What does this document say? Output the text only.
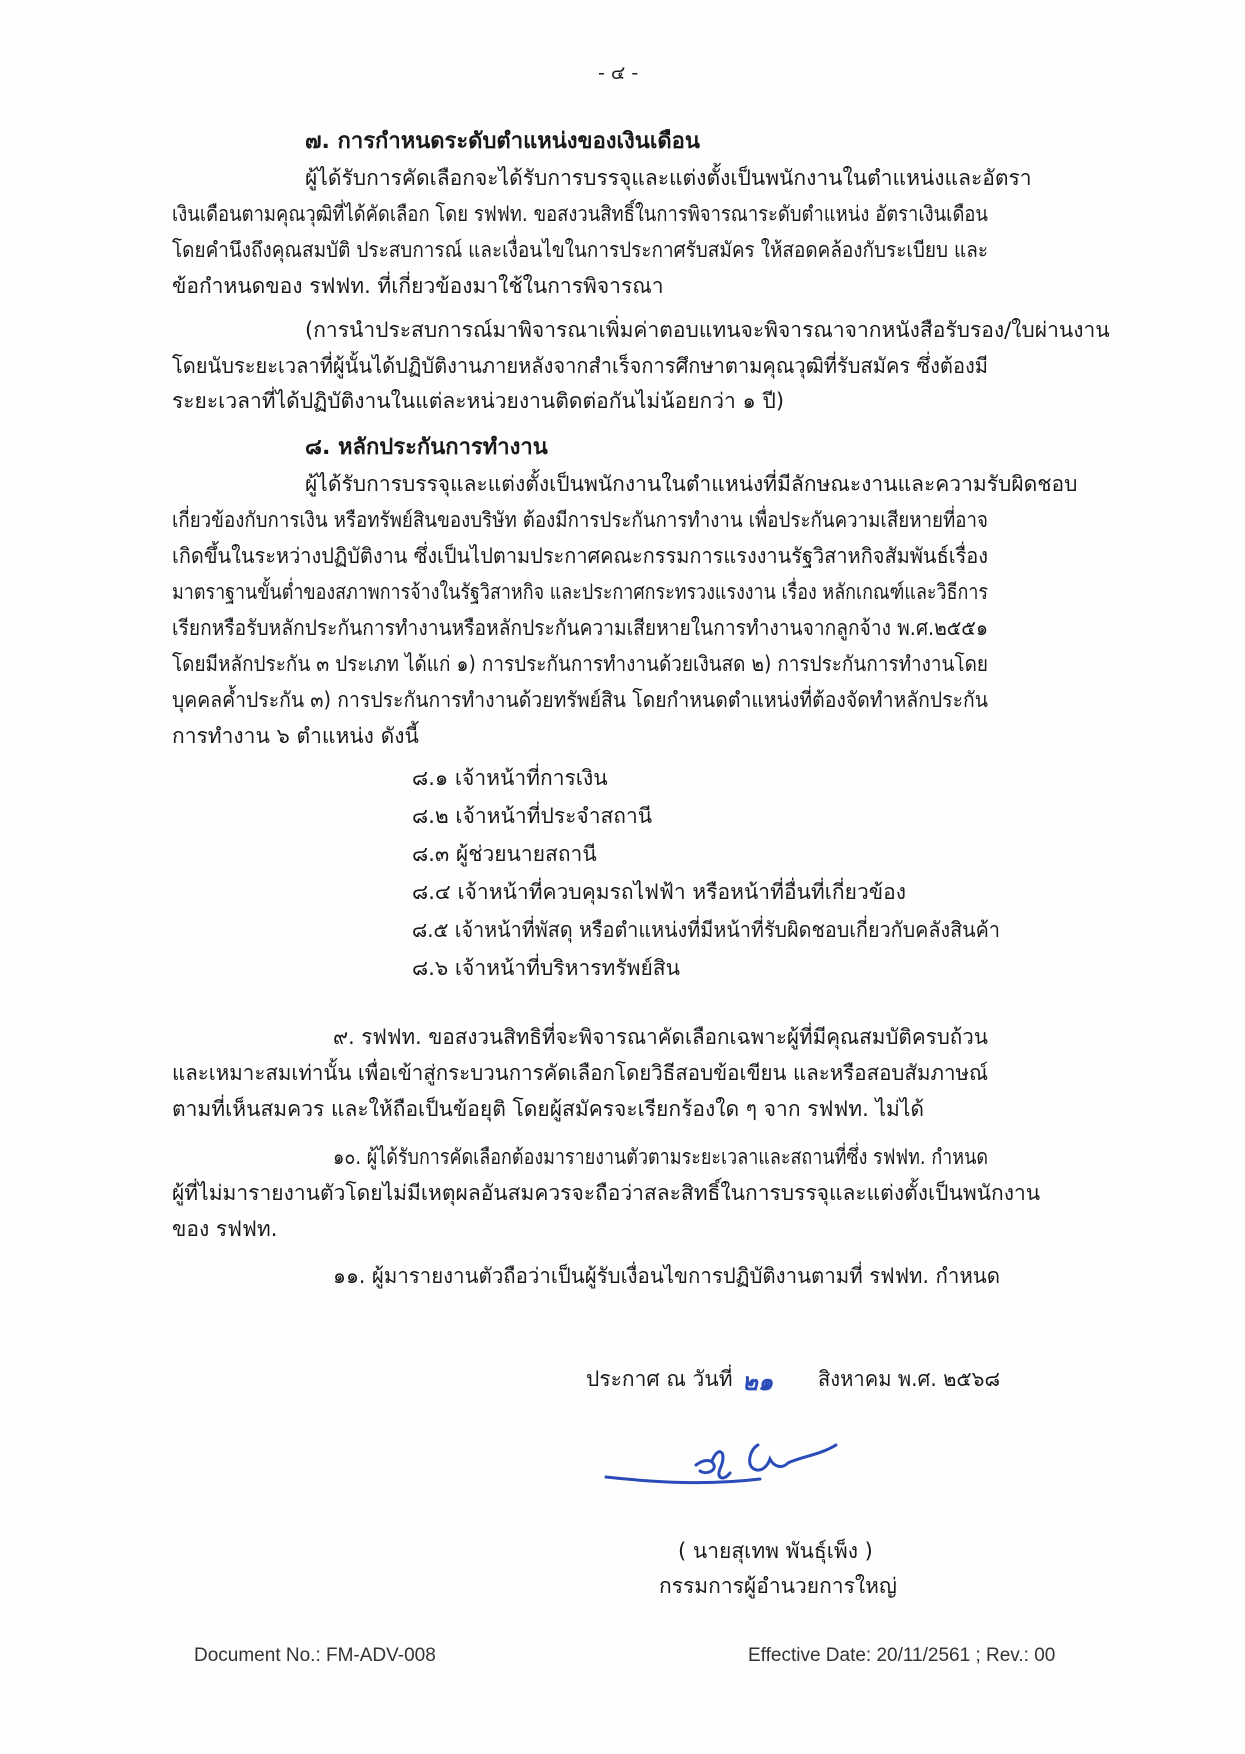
- ๔ -
๗. การกำหนดระดับตำแหน่งของเงินเดือน
ผู้ได้รับการคัดเลือกจะได้รับการบรรจุและแต่งตั้งเป็นพนักงานในตำแหน่งและอัตรา
เงินเดือนตามคุณวุฒิที่ได้คัดเลือก โดย รฟฟท. ขอสงวนสิทธิ์ในการพิจารณาระดับตำแหน่ง อัตราเงินเดือน
โดยคำนึงถึงคุณสมบัติ ประสบการณ์ และเงื่อนไขในการประกาศรับสมัคร ให้สอดคล้องกับระเบียบ และ
ข้อกำหนดของ รฟฟท. ที่เกี่ยวข้องมาใช้ในการพิจารณา
(การนำประสบการณ์มาพิจารณาเพิ่มค่าตอบแทนจะพิจารณาจากหนังสือรับรอง/ใบผ่านงาน
โดยนับระยะเวลาที่ผู้นั้นได้ปฏิบัติงานภายหลังจากสำเร็จการศึกษาตามคุณวุฒิที่รับสมัคร ซึ่งต้องมี
ระยะเวลาที่ได้ปฏิบัติงานในแต่ละหน่วยงานติดต่อกันไม่น้อยกว่า ๑ ปี)
๘. หลักประกันการทำงาน
ผู้ได้รับการบรรจุและแต่งตั้งเป็นพนักงานในตำแหน่งที่มีลักษณะงานและความรับผิดชอบ
เกี่ยวข้องกับการเงิน หรือทรัพย์สินของบริษัท ต้องมีการประกันการทำงาน เพื่อประกันความเสียหายที่อาจ
เกิดขึ้นในระหว่างปฏิบัติงาน ซึ่งเป็นไปตามประกาศคณะกรรมการแรงงานรัฐวิสาหกิจสัมพันธ์เรื่อง
มาตราฐานขั้นต่ำของสภาพการจ้างในรัฐวิสาหกิจ และประกาศกระทรวงแรงงาน เรื่อง หลักเกณฑ์และวิธีการ
เรียกหรือรับหลักประกันการทำงานหรือหลักประกันความเสียหายในการทำงานจากลูกจ้าง พ.ศ.๒๕๕๑
โดยมีหลักประกัน ๓ ประเภท ได้แก่ ๑) การประกันการทำงานด้วยเงินสด ๒) การประกันการทำงานโดย
บุคคลค้ำประกัน ๓) การประกันการทำงานด้วยทรัพย์สิน โดยกำหนดตำแหน่งที่ต้องจัดทำหลักประกัน
การทำงาน ๖ ตำแหน่ง ดังนี้
๘.๑ เจ้าหน้าที่การเงิน
๘.๒ เจ้าหน้าที่ประจำสถานี
๘.๓ ผู้ช่วยนายสถานี
๘.๔ เจ้าหน้าที่ควบคุมรถไฟฟ้า หรือหน้าที่อื่นที่เกี่ยวข้อง
๘.๕ เจ้าหน้าที่พัสดุ หรือตำแหน่งที่มีหน้าที่รับผิดชอบเกี่ยวกับคลังสินค้า
๘.๖ เจ้าหน้าที่บริหารทรัพย์สิน
๙. รฟฟท. ขอสงวนสิทธิที่จะพิจารณาคัดเลือกเฉพาะผู้ที่มีคุณสมบัติครบถ้วน
และเหมาะสมเท่านั้น เพื่อเข้าสู่กระบวนการคัดเลือกโดยวิธีสอบข้อเขียน และหรือสอบสัมภาษณ์
ตามที่เห็นสมควร และให้ถือเป็นข้อยุติ โดยผู้สมัครจะเรียกร้องใด ๆ จาก รฟฟท. ไม่ได้
๑๐. ผู้ได้รับการคัดเลือกต้องมารายงานตัวตามระยะเวลาและสถานที่ซึ่ง รฟฟท. กำหนด
ผู้ที่ไม่มารายงานตัวโดยไม่มีเหตุผลอันสมควรจะถือว่าสละสิทธิ์ในการบรรจุและแต่งตั้งเป็นพนักงาน
ของ รฟฟท.
๑๑. ผู้มารายงานตัวถือว่าเป็นผู้รับเงื่อนไขการปฏิบัติงานตามที่ รฟฟท. กำหนด
ประกาศ ณ วันที่ ๒๑ สิงหาคม พ.ศ. ๒๕๖๘
( นายสุเทพ พันธุ์เพ็ง )
กรรมการผู้อำนวยการใหญ่
Document No.: FM-ADV-008	Effective Date: 20/11/2561 ; Rev.: 00
